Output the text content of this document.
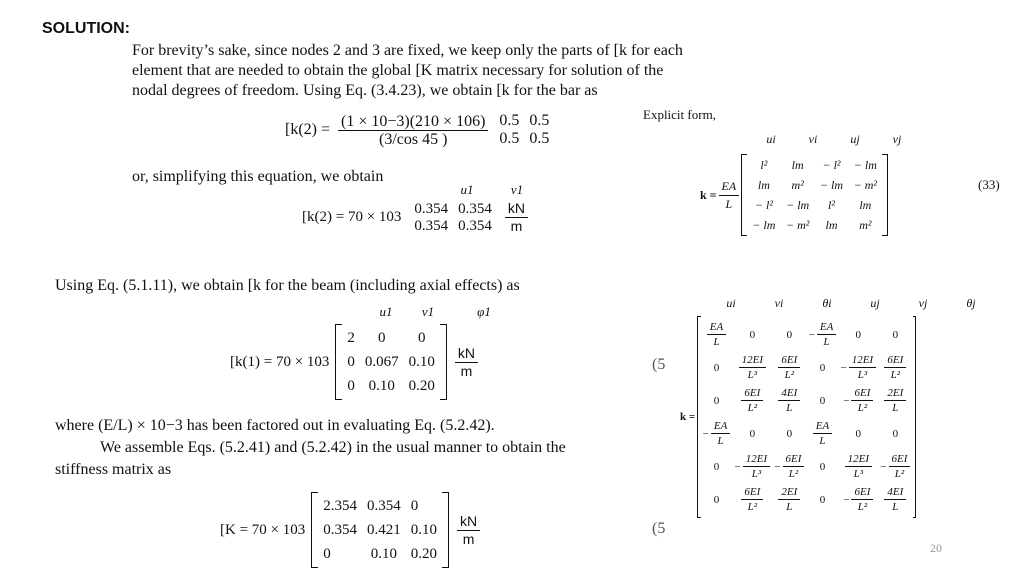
SOLUTION:
For brevity’s sake, since nodes 2 and 3 are fixed, we keep only the parts of [k for each
element that are needed to obtain the global [K matrix necessary for solution of the
nodal degrees of freedom. Using Eq. (3.4.23), we obtain [k for the bar as
[$k(2) = \frac{(1 \times 10-3)(210 \times 106)}{(3/\cos 45 )} 0.5$	0.5
0.5	0.5
or, simplifying this equation, we obtain
u1	v1
[k(2) = 70 × 103
0.354	0.354
0.354	$0.354 \frac{kN}{m}$
Using Eq. (5.1.11), we obtain [k for the beam (including axial effects) as
u1	v1	φ1
[k(1) = 70 × 103
2	0	0
0	0.067	0.10
0	0.10	0.20
$\frac{kN}{m}$	(5
where (E/L) × 10−3 has been factored out in evaluating Eq. (5.2.42).
We assemble Eqs. (5.2.41) and (5.2.42) in the usual manner to obtain the
stiffness matrix as
[K = 70 × 103
2.354	0.354	0
0.354	0.421	0.10
0	0.10	0.20
$\frac{kN}{m}$	(5
Explicit form,
ui	vi	uj	vj
$k = \frac{EA}{L}$
l²	lm	− l²	− lm
lm	m²	− lm	− m²
− l²	− lm	l²	lm
− lm	− m²	lm	m²
(33)
ui	vi	θi	uj	vj	θj
k =
$\frac{EA}{L}$	0	0	− $\frac{EA}{L}$	0	0
0	$\frac{12EI}{\text{L³}}$	$\frac{6EI}{\text{L²}}$	0	− $\frac{12EI}{\text{L³}}$	$\frac{6EI}{\text{L²}}$

0	$\frac{6EI}{\text{L²}}$	$\frac{4EI}{L}$	0	− $\frac{6EI}{\text{L²}}$	$\frac{2EI}{L}$

− $\frac{EA}{L}$	0	0	$\frac{EA}{L}$	0	0
0	− $\frac{12EI}{\text{L³}}$	− $\frac{6EI}{\text{L²}}$	0	$\frac{12EI}{\text{L³}}$	− $\frac{6EI}{\text{L²}}$

0	$\frac{6EI}{\text{L²}}$	$\frac{2EI}{L}$	0	− $\frac{6EI}{\text{L²}}$	$\frac{4EI}{L}$
20
